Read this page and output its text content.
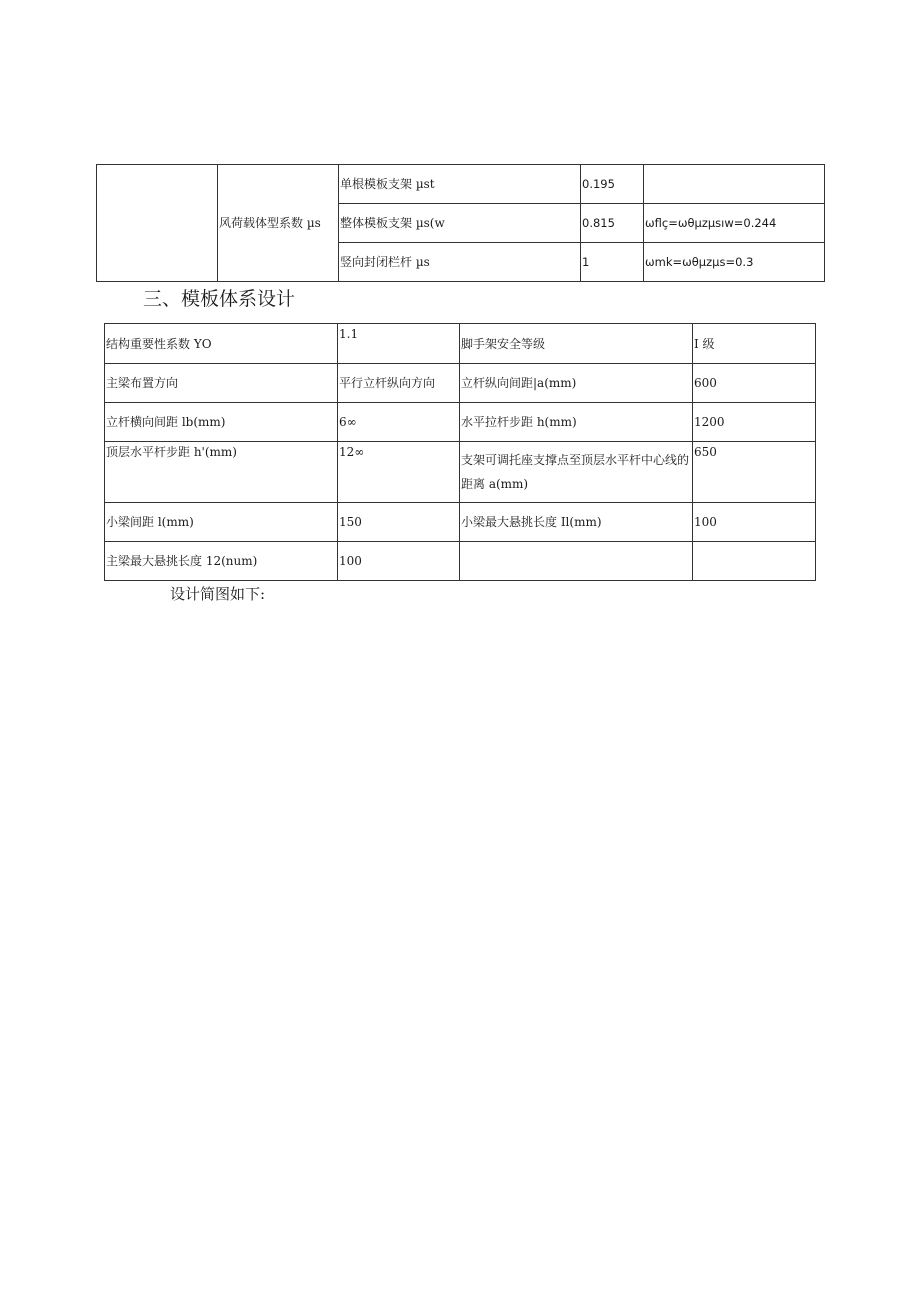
	风荷载体型系数 µs	单根模板支架 µst	0.195	
		整体模板支架 µs(w	0.815	ωflç=ωθµzµsıw=0.244
		竖向封闭栏杆 µs	1	ωmk=ωθµzµs=0.3
三、模板体系设计
结构重要性系数 YO	1.1	脚手架安全等级	I 级
主梁布置方向	平行立杆纵向方向	立杆纵向间距|a(mm)	600
立杆横向间距 lb(mm)	6∞	水平拉杆步距 h(mm)	1200
顶层水平杆步距 h'(mm)	12∞	支架可调托座支撑点至顶层水平杆中心线的距离 a(mm)	650
小梁间距 l(mm)	150	小梁最大悬挑长度 Il(mm)	100
主梁最大悬挑长度 12(num)	100		

设计简图如下:
